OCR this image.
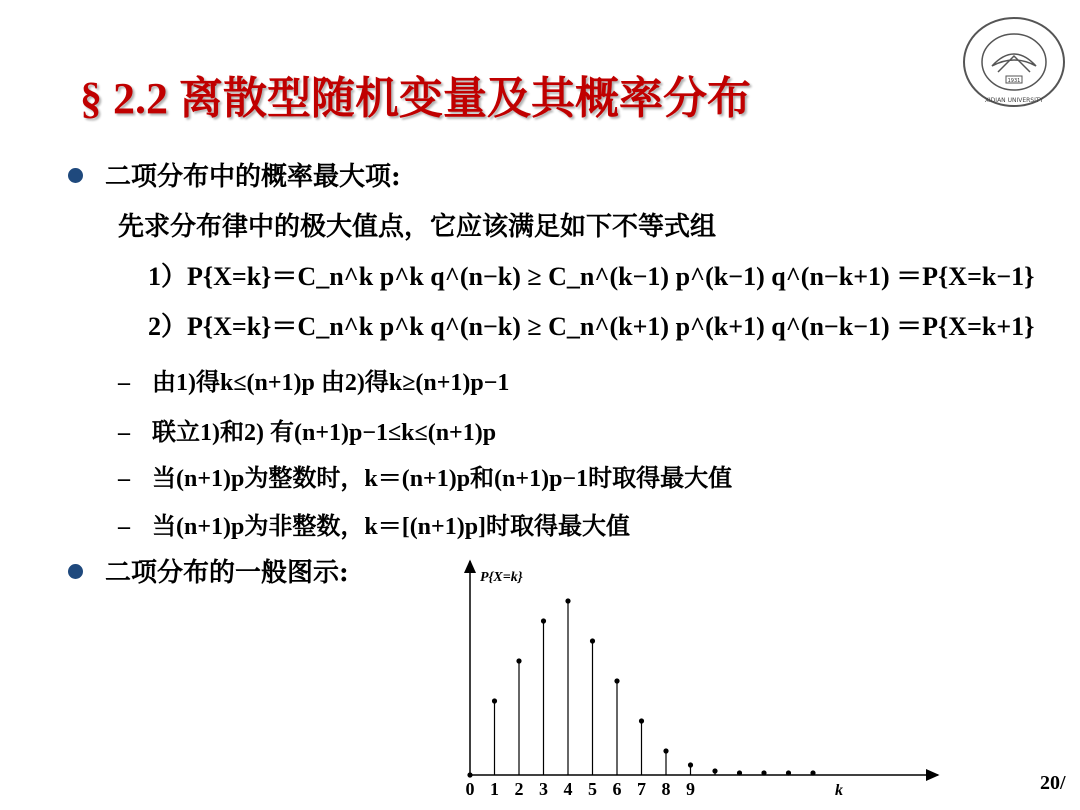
§ 2.2 离散型随机变量及其概率分布	1931
XIDIAN UNIVERSITY
二项分布中的概率最大项:
先求分布律中的极大值点，它应该满足如下不等式组
1）P{X=k}＝C_n^k p^k q^(n−k) ≥ C_n^(k−1) p^(k−1) q^(n−k+1) ＝P{X=k−1}
2）P{X=k}＝C_n^k p^k q^(n−k) ≥ C_n^(k+1) p^(k+1) q^(n−k−1) ＝P{X=k+1}
– 由1)得k≤(n+1)p 由2)得k≥(n+1)p−1
– 联立1)和2) 有(n+1)p−1≤k≤(n+1)p
– 当(n+1)p为整数时，k＝(n+1)p和(n+1)p−1时取得最大值
– 当(n+1)p为非整数，k＝[(n+1)p]时取得最大值
二项分布的一般图示:	P{X=k}
k
0 1 2 3 4 5 6 7 8 9	20/
